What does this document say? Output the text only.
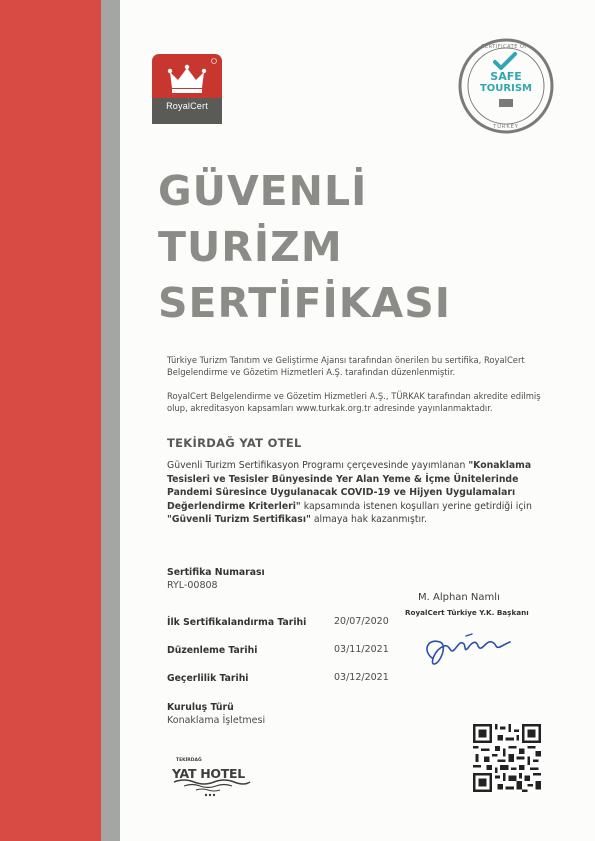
RoyalCert
CERTIFICATE OF
SAFE
TOURISM
TURKEY
GÜVENLİ
TURİZM
SERTİFİKASI

Türkiye Turizm Tanıtım ve Geliştirme Ajansı tarafından önerilen bu sertifika, RoyalCert Belgelendirme ve Gözetim Hizmetleri A.Ş. tarafından düzenlenmiştir.

RoyalCert Belgelendirme ve Gözetim Hizmetleri A.Ş., TÜRKAK tarafından akredite edilmiş olup, akreditasyon kapsamları www.turkak.org.tr adresinde yayınlanmaktadır.

TEKİRDAĞ YAT OTEL
Güvenli Turizm Sertifikasyon Programı çerçevesinde yayımlanan "Konaklama Tesisleri ve Tesisler Bünyesinde Yer Alan Yeme & İçme Ünitelerinde Pandemi Süresince Uygulanacak COVID-19 ve Hijyen Uygulamaları Değerlendirme Kriterleri" kapsamında istenen koşulları yerine getirdiği için "Güvenli Turizm Sertifikası" almaya hak kazanmıştır.
Sertifika Numarası
RYL-00808
İlk Sertifikalandırma Tarihi	20/07/2020
Düzenleme Tarihi	03/11/2021
Geçerlilik Tarihi	03/12/2021
Kuruluş Türü
Konaklama İşletmesi
M. Alphan Namlı
RoyalCert Türkiye Y.K. Başkanı
TEKİRDAĞ
YAT HOTEL
